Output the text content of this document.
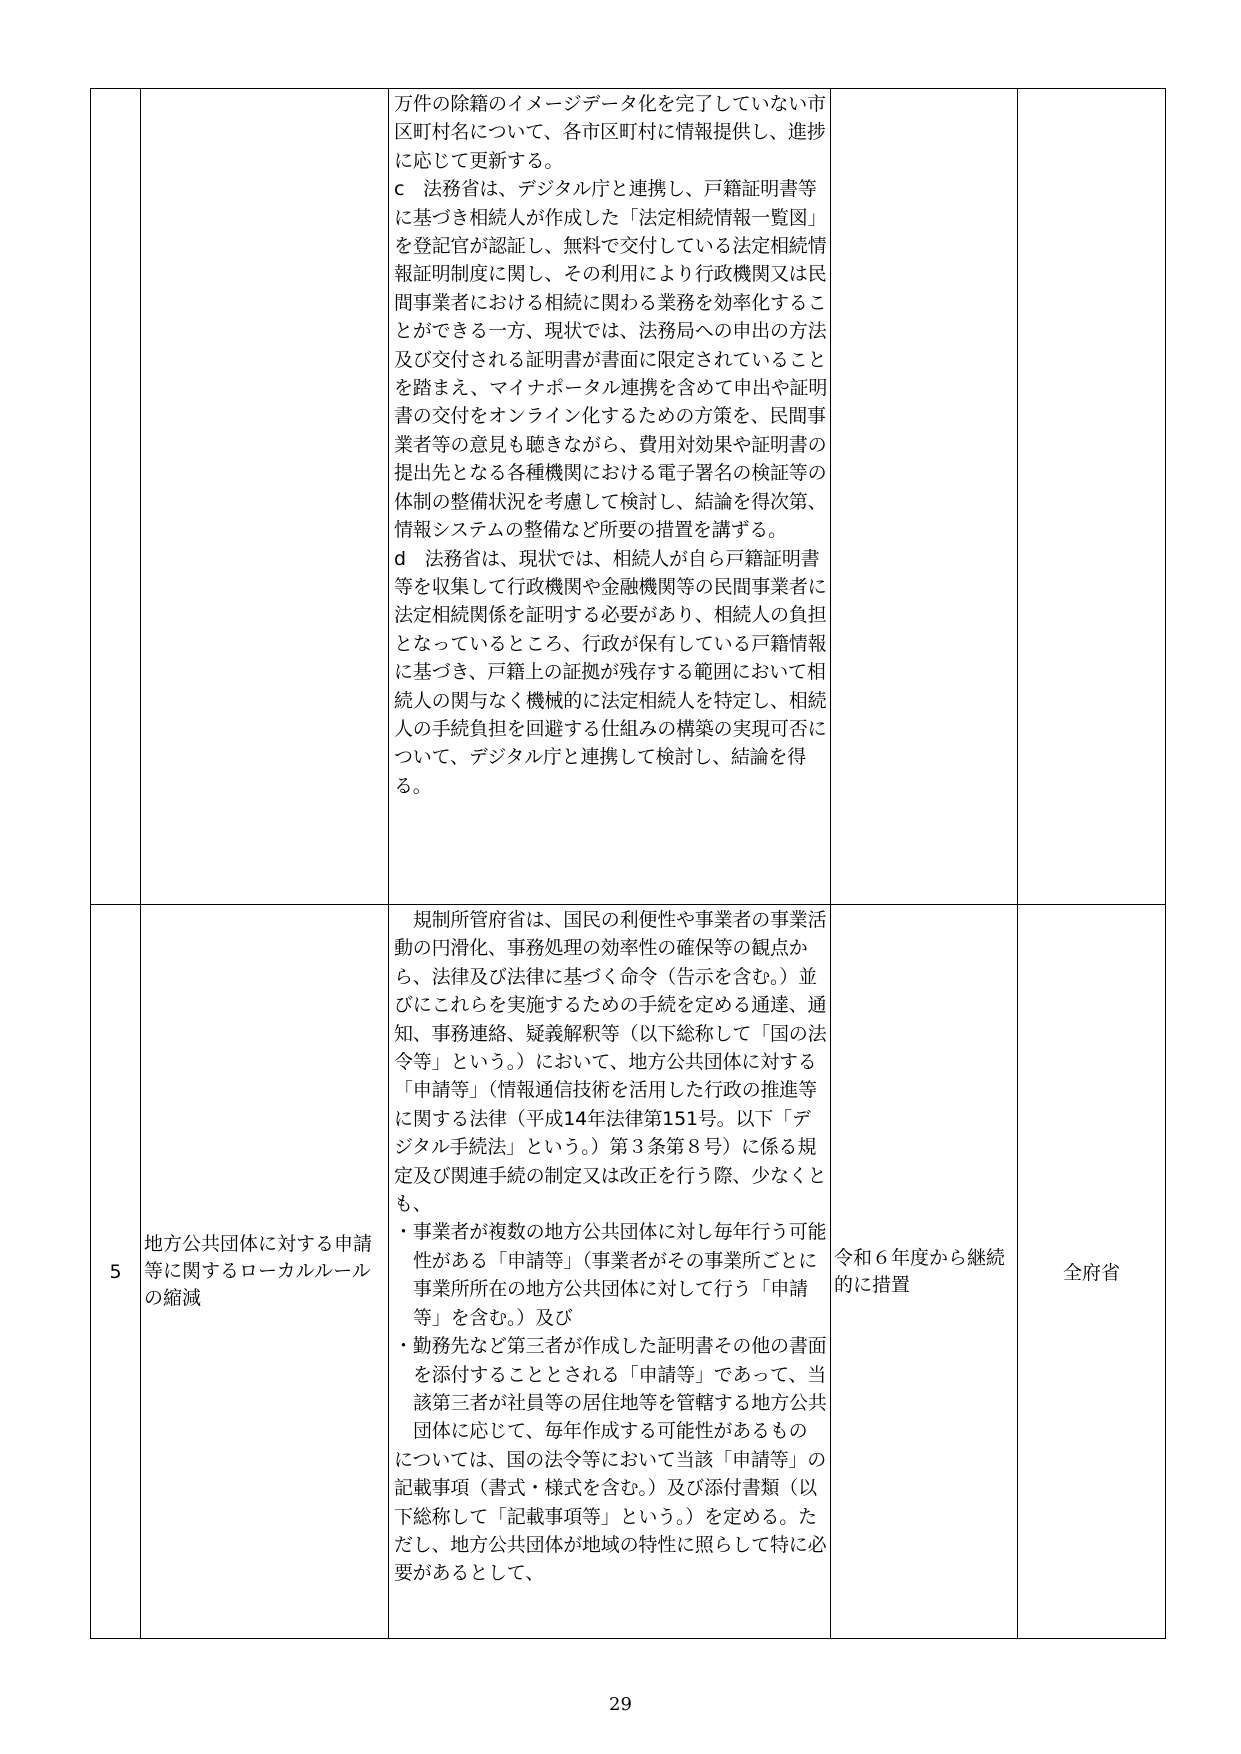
		万件の除籍のイメージデータ化を完了していない市区町村名について、各市区町村に情報提供し、進捗に応じて更新する。
c　法務省は、デジタル庁と連携し、戸籍証明書等に基づき相続人が作成した「法定相続情報一覧図」を登記官が認証し、無料で交付している法定相続情報証明制度に関し、その利用により行政機関又は民間事業者における相続に関わる業務を効率化することができる一方、現状では、法務局への申出の方法及び交付される証明書が書面に限定されていることを踏まえ、マイナポータル連携を含めて申出や証明書の交付をオンライン化するための方策を、民間事業者等の意見も聴きながら、費用対効果や証明書の提出先となる各種機関における電子署名の検証等の体制の整備状況を考慮して検討し、結論を得次第、情報システムの整備など所要の措置を講ずる。
d　法務省は、現状では、相続人が自ら戸籍証明書等を収集して行政機関や金融機関等の民間事業者に法定相続関係を証明する必要があり、相続人の負担となっているところ、行政が保有している戸籍情報に基づき、戸籍上の証拠が残存する範囲において相続人の関与なく機械的に法定相続人を特定し、相続人の手続負担を回避する仕組みの構築の実現可否について、デジタル庁と連携して検討し、結論を得る。		

5	地方公共団体に対する申請等に関するローカルルールの縮減	　規制所管府省は、国民の利便性や事業者の事業活動の円滑化、事務処理の効率性の確保等の観点から、法律及び法律に基づく命令（告示を含む。）並びにこれらを実施するための手続を定める通達、通知、事務連絡、疑義解釈等（以下総称して「国の法令等」という。）において、地方公共団体に対する「申請等」（情報通信技術を活用した行政の推進等に関する法律（平成14年法律第151号。以下「デジタル手続法」という。）第３条第８号）に係る規定及び関連手続の制定又は改正を行う際、少なくとも、
・事業者が複数の地方公共団体に対し毎年行う可能性がある「申請等」（事業者がその事業所ごとに事業所所在の地方公共団体に対して行う「申請等」を含む。）及び
・勤務先など第三者が作成した証明書その他の書面を添付することとされる「申請等」であって、当該第三者が社員等の居住地等を管轄する地方公共団体に応じて、毎年作成する可能性があるもの
については、国の法令等において当該「申請等」の記載事項（書式・様式を含む。）及び添付書類（以下総称して「記載事項等」という。）を定める。ただし、地方公共団体が地域の特性に照らして特に必要があるとして、	令和６年度から継続的に措置	全府省
29
